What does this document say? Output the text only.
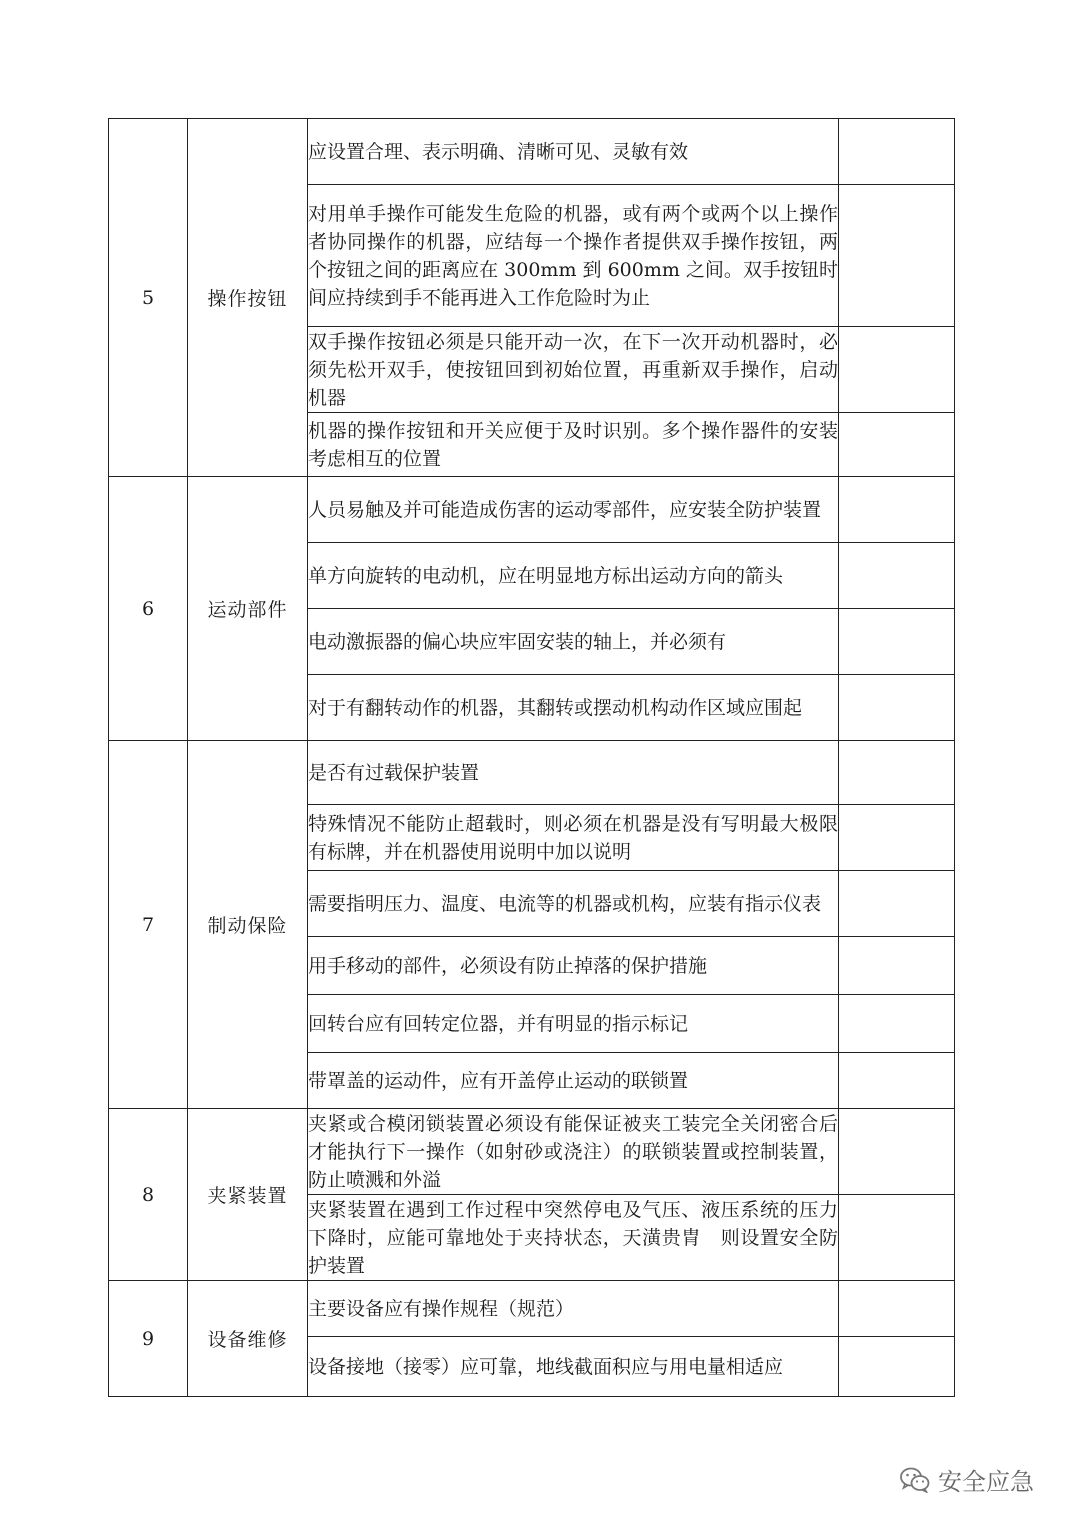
5	操作按钮	应设置合理、表示明确、清晰可见、灵敏有效	
		对用单手操作可能发生危险的机器，或有两个或两个以上操作者协同操作的机器，应结每一个操作者提供双手操作按钮，两个按钮之间的距离应在 300mm 到 600mm 之间。双手按钮时间应持续到手不能再进入工作危险时为止	
		双手操作按钮必须是只能开动一次，在下一次开动机器时，必须先松开双手，使按钮回到初始位置，再重新双手操作，启动机器	
		机器的操作按钮和开关应便于及时识别。多个操作器件的安装考虑相互的位置	
6	运动部件	人员易触及并可能造成伤害的运动零部件，应安装全防护装置	
		单方向旋转的电动机，应在明显地方标出运动方向的箭头	
		电动激振器的偏心块应牢固安装的轴上，并必须有	
		对于有翻转动作的机器，其翻转或摆动机构动作区域应围起	
7	制动保险	是否有过载保护装置	
		特殊情况不能防止超载时，则必须在机器是没有写明最大极限有标牌，并在机器使用说明中加以说明	
		需要指明压力、温度、电流等的机器或机构，应装有指示仪表	
		用手移动的部件，必须设有防止掉落的保护措施	
		回转台应有回转定位器，并有明显的指示标记	
		带罩盖的运动件，应有开盖停止运动的联锁置	
8	夹紧装置	夹紧或合模闭锁装置必须设有能保证被夹工装完全关闭密合后才能执行下一操作（如射砂或浇注）的联锁装置或控制装置，防止喷溅和外溢	
		夹紧装置在遇到工作过程中突然停电及气压、液压系统的压力下降时，应能可靠地处于夹持状态，天潢贵胄　则设置安全防护装置	
9	设备维修	主要设备应有操作规程（规范）	
		设备接地（接零）应可靠，地线截面积应与用电量相适应	
安全应急
